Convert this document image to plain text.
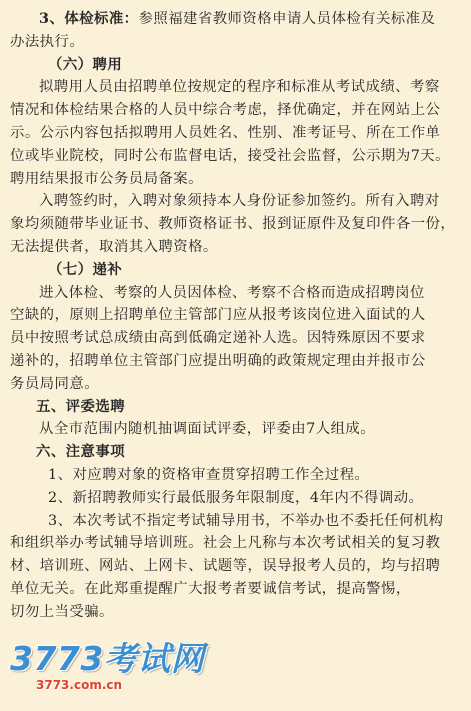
3、体检标准：参照福建省教师资格申请人员体检有关标准及
办法执行。
（六）聘用
拟聘用人员由招聘单位按规定的程序和标准从考试成绩、考察
情况和体检结果合格的人员中综合考虑，择优确定，并在网站上公
示。公示内容包括拟聘用人员姓名、性别、准考证号、所在工作单
位或毕业院校，同时公布监督电话，接受社会监督，公示期为7天。
聘用结果报市公务员局备案。
入聘签约时，入聘对象须持本人身份证参加签约。所有入聘对
象均须随带毕业证书、教师资格证书、报到证原件及复印件各一份，
无法提供者，取消其入聘资格。
（七）递补
进入体检、考察的人员因体检、考察不合格而造成招聘岗位
空缺的，原则上招聘单位主管部门应从报考该岗位进入面试的人
员中按照考试总成绩由高到低确定递补人选。因特殊原因不要求
递补的，招聘单位主管部门应提出明确的政策规定理由并报市公
务员局同意。
五、评委选聘
从全市范围内随机抽调面试评委，评委由7人组成。
六、注意事项
1、对应聘对象的资格审查贯穿招聘工作全过程。
2、新招聘教师实行最低服务年限制度，4年内不得调动。
3、本次考试不指定考试辅导用书，不举办也不委托任何机构
和组织举办考试辅导培训班。社会上凡称与本次考试相关的复习教
材、培训班、网站、上网卡、试题等，误导报考人员的，均与招聘
单位无关。在此郑重提醒广大报考者要诚信考试，提高警惕，
切勿上当受骗。
3773考试网
3773.com.cn
